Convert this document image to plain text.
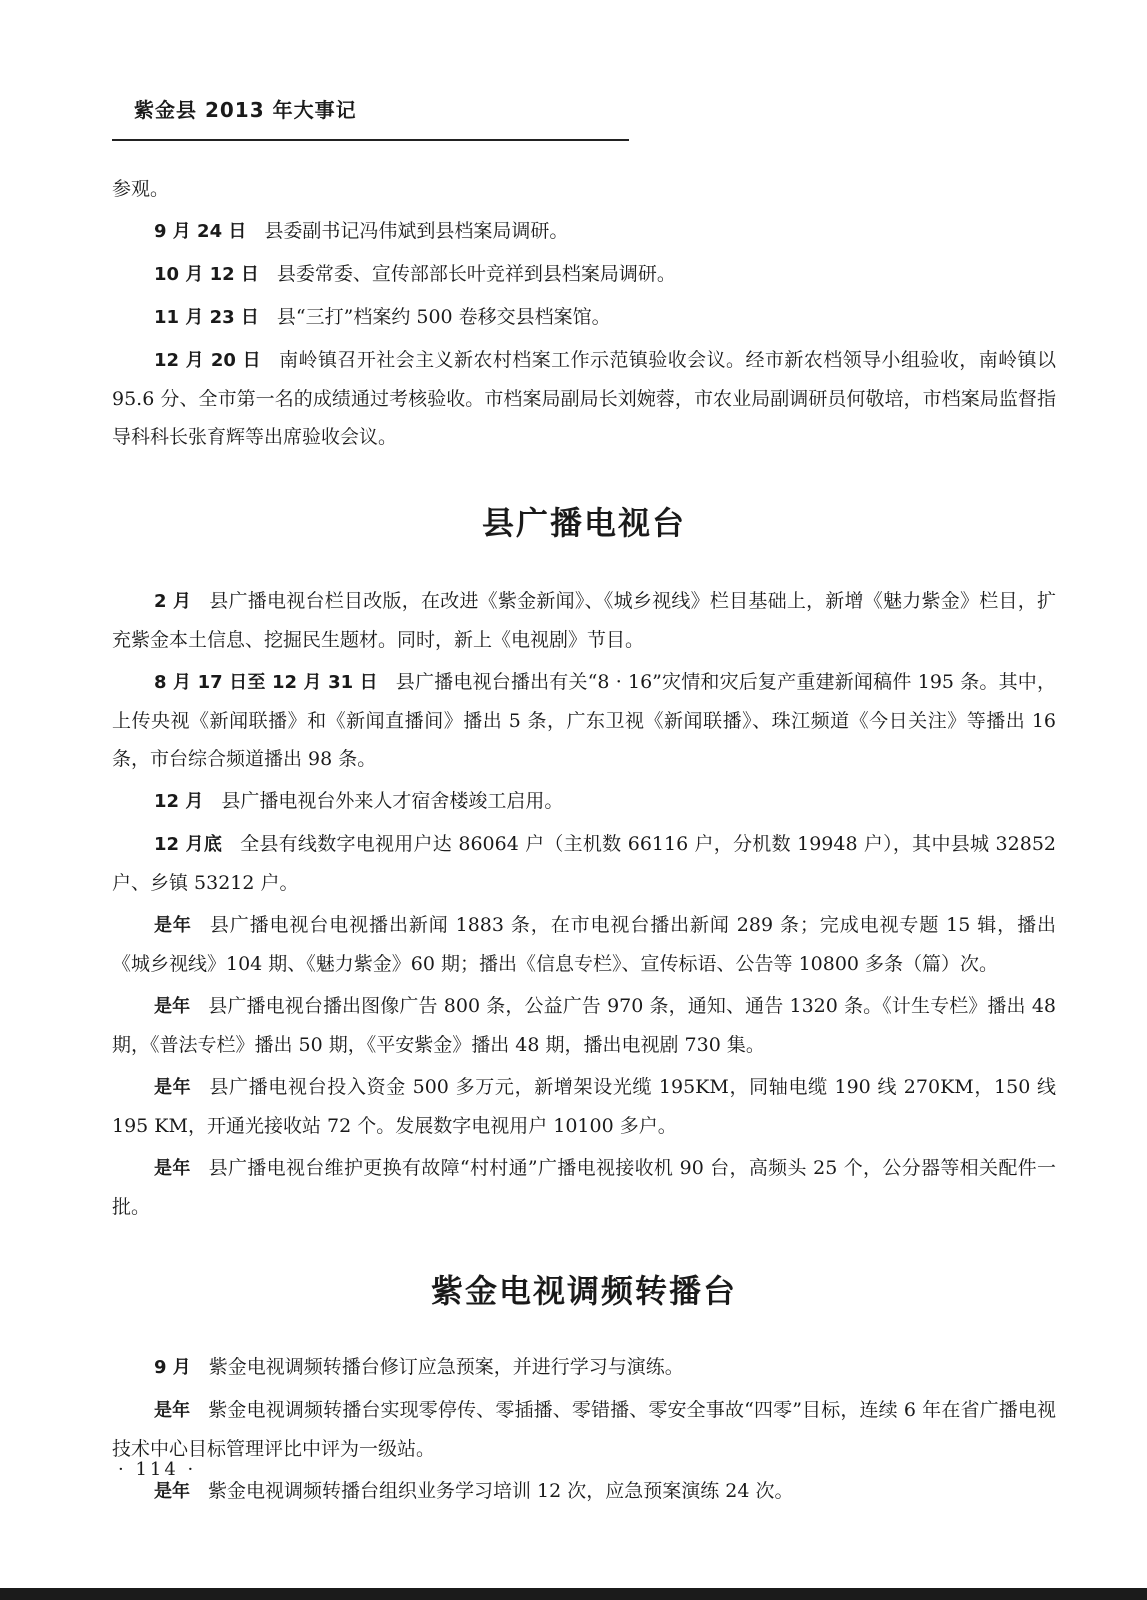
紫金县 2013 年大事记

参观。

9 月 24 日 县委副书记冯伟斌到县档案局调研。

10 月 12 日 县委常委、宣传部部长叶竞祥到县档案局调研。

11 月 23 日 县“三打”档案约 500 卷移交县档案馆。

12 月 20 日 南岭镇召开社会主义新农村档案工作示范镇验收会议。经市新农档领导小组验收，南岭镇以 95.6 分、全市第一名的成绩通过考核验收。市档案局副局长刘婉蓉，市农业局副调研员何敬培，市档案局监督指导科科长张育辉等出席验收会议。

县广播电视台

2 月 县广播电视台栏目改版，在改进《紫金新闻》、《城乡视线》栏目基础上，新增《魅力紫金》栏目，扩充紫金本土信息、挖掘民生题材。同时，新上《电视剧》节目。

8 月 17 日至 12 月 31 日 县广播电视台播出有关“8 · 16”灾情和灾后复产重建新闻稿件 195 条。其中，上传央视《新闻联播》和《新闻直播间》播出 5 条，广东卫视《新闻联播》、珠江频道《今日关注》等播出 16 条，市台综合频道播出 98 条。

12 月 县广播电视台外来人才宿舍楼竣工启用。

12 月底 全县有线数字电视用户达 86064 户（主机数 66116 户，分机数 19948 户），其中县城 32852 户、乡镇 53212 户。

是年 县广播电视台电视播出新闻 1883 条，在市电视台播出新闻 289 条；完成电视专题 15 辑，播出《城乡视线》104 期、《魅力紫金》60 期；播出《信息专栏》、宣传标语、公告等 10800 多条（篇）次。

是年 县广播电视台播出图像广告 800 条，公益广告 970 条，通知、通告 1320 条。《计生专栏》播出 48 期，《普法专栏》播出 50 期，《平安紫金》播出 48 期，播出电视剧 730 集。

是年 县广播电视台投入资金 500 多万元，新增架设光缆 195KM，同轴电缆 190 线 270KM，150 线 195 KM，开通光接收站 72 个。发展数字电视用户 10100 多户。

是年 县广播电视台维护更换有故障“村村通”广播电视接收机 90 台，高频头 25 个，公分器等相关配件一批。

紫金电视调频转播台

9 月 紫金电视调频转播台修订应急预案，并进行学习与演练。

是年 紫金电视调频转播台实现零停传、零插播、零错播、零安全事故“四零”目标，连续 6 年在省广播电视技术中心目标管理评比中评为一级站。

是年 紫金电视调频转播台组织业务学习培训 12 次，应急预案演练 24 次。

· 114 ·
